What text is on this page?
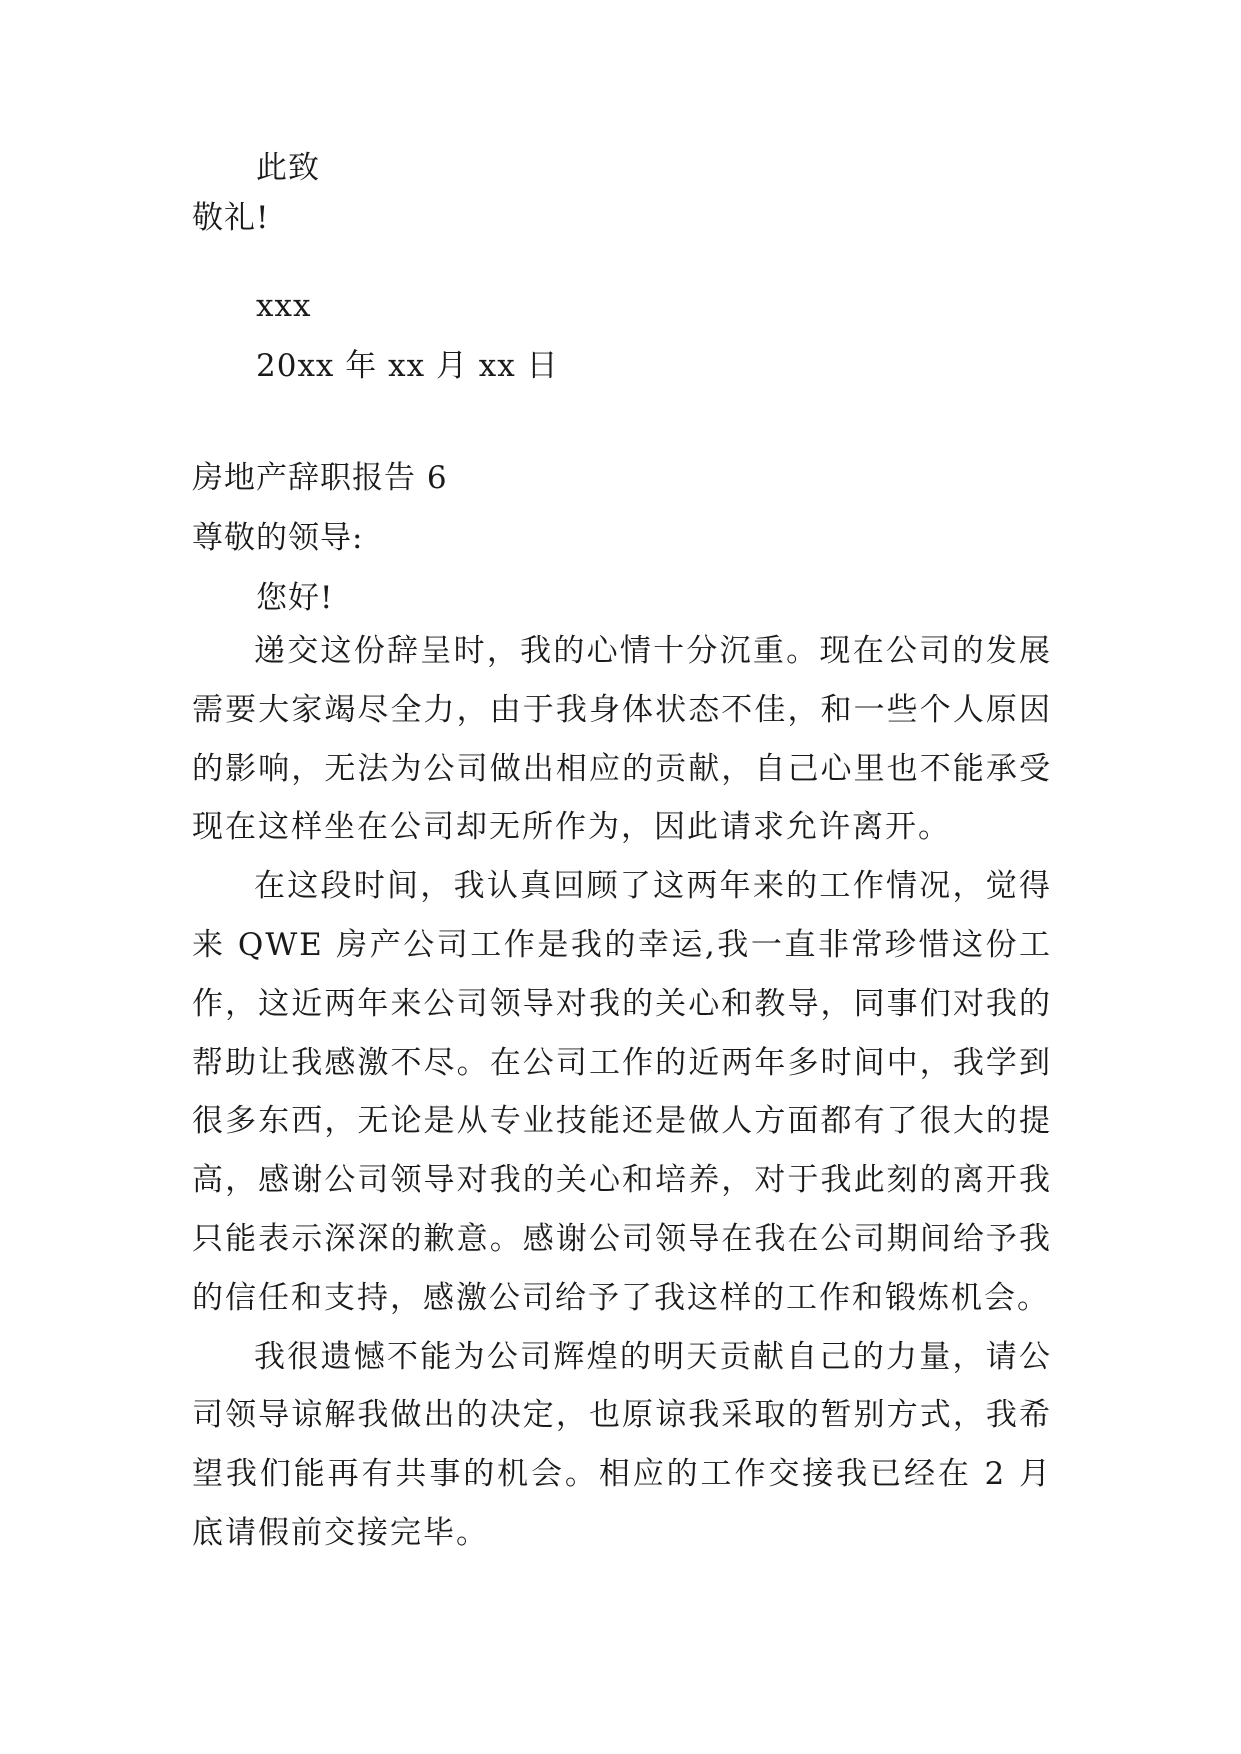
此致
敬礼!
xxx
20xx 年 xx 月 xx 日
房地产辞职报告 6
尊敬的领导:
您好!

递交这份辞呈时，我的心情十分沉重。现在公司的发展需要大家竭尽全力，由于我身体状态不佳，和一些个人原因的影响，无法为公司做出相应的贡献，自己心里也不能承受现在这样坐在公司却无所作为，因此请求允许离开。

在这段时间，我认真回顾了这两年来的工作情况，觉得来 QWE 房产公司工作是我的幸运,我一直非常珍惜这份工作，这近两年来公司领导对我的关心和教导，同事们对我的帮助让我感激不尽。在公司工作的近两年多时间中，我学到很多东西，无论是从专业技能还是做人方面都有了很大的提高，感谢公司领导对我的关心和培养，对于我此刻的离开我只能表示深深的歉意。感谢公司领导在我在公司期间给予我的信任和支持，感激公司给予了我这样的工作和锻炼机会。

我很遗憾不能为公司辉煌的明天贡献自己的力量，请公司领导谅解我做出的决定，也原谅我采取的暂别方式，我希望我们能再有共事的机会。相应的工作交接我已经在 2 月底请假前交接完毕。
